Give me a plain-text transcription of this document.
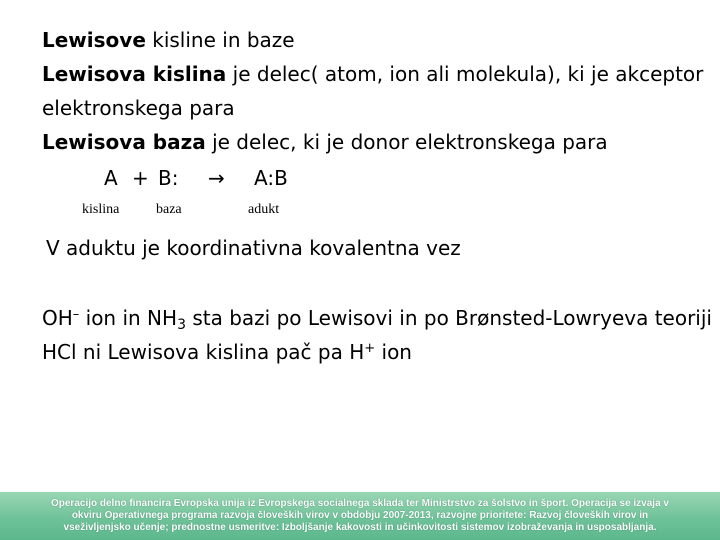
Lewisove kisline in baze
Lewisova kislina je delec( atom, ion ali molekula), ki je akceptor
elektronskega para
Lewisova baza je delec, ki je donor elektronskega para
A + B: → A:B
kislina	baza	adukt
V aduktu je koordinativna kovalentna vez
OH– ion in $NH_3$ sta bazi po Lewisovi in po Brønsted-Lowryeva teoriji
HCl ni Lewisova kislina pač pa H+ ion
Operacijo delno financira Evropska unija iz Evropskega socialnega sklada ter Ministrstvo za šolstvo in šport. Operacija se izvaja v
okviru Operativnega programa razvoja človeških virov v obdobju 2007-2013, razvojne prioritete: Razvoj človeških virov in
vseživljenjsko učenje; prednostne usmeritve: Izboljšanje kakovosti in učinkovitosti sistemov izobraževanja in usposabljanja.
